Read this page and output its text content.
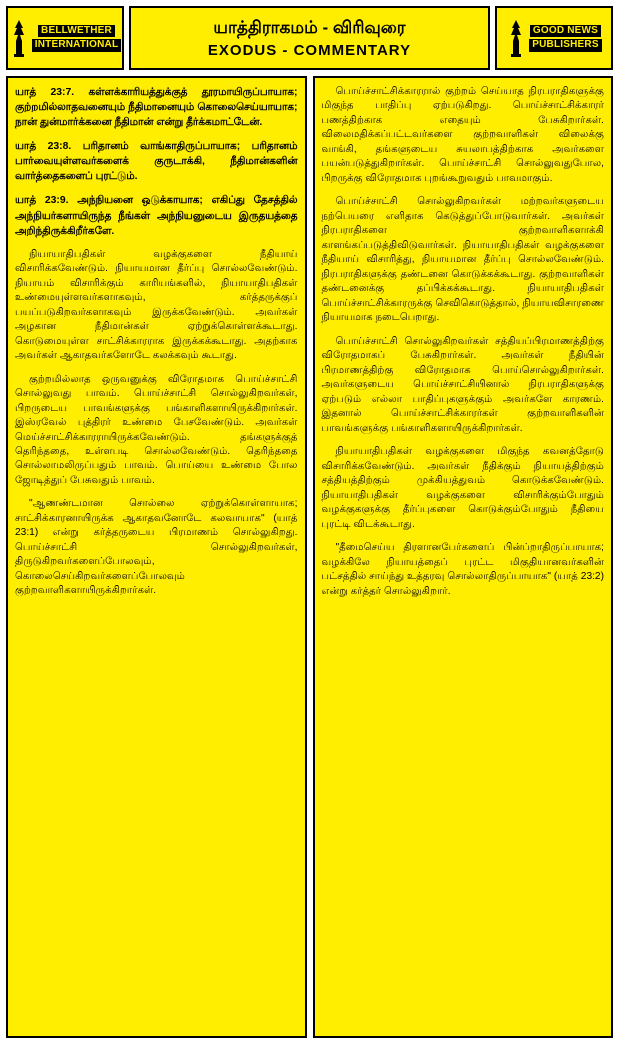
BELLWETHER
INTERNATIONAL
யாத்திராகமம் - விரிவுரை
EXODUS - COMMENTARY
GOOD NEWS
PUBLISHERS

யாத் 23:7. கள்ளக்காரியத்துக்குத் தூரமாயிருப்பாயாக; குற்றமில்லாதவனையும் நீதிமானையும் கொலைசெய்யாயாக; நான் துன்மார்க்கனை நீதிமான் என்று தீர்க்கமாட்டேன்.

யாத் 23:8. பரிதானம் வாங்காதிருப்பாயாக; பரிதானம் பார்வையுள்ளவர்களைக் குருடாக்கி, நீதிமான்களின் வார்த்தைகளைப் புரட்டும்.

யாத் 23:9. அந்நியனை ஒடுக்காயாக; எகிப்து தேசத்தில் அந்நியர்களாயிருந்த நீங்கள் அந்நியனுடைய இருதயத்தை அறிந்திருக்கிறீர்களே.

நியாயாதிபதிகள் வழக்குகளை நீதியாய் விசாரிக்கவேண்டும். நியாயமான தீர்ப்பு சொல்லவேண்டும். நியாயம் விசாரிக்கும் காரியங்களில், நியாயாதிபதிகள் உண்மையுள்ளவர்களாகவும், கர்த்தருக்குப் பயப்படுகிறவர்களாகவும் இருக்கவேண்டும். அவர்கள் அழகான நீதிமான்கள் ஏற்றுக்கொள்ளக்கூடாது. கொடுமையுள்ள சாட்சிக்காரராக இருக்கக்கூடாது. அதற்காக அவர்கள் ஆகாதவர்களோடே கலக்கவும் கூடாது.

குற்றமில்லாத ஒருவனுக்கு விரோதமாக பொய்ச்சாட்சி சொல்லுவது பாவம். பொய்ச்சாட்சி சொல்லுகிறவர்கள், பிறருடைய பாவங்களுக்கு பங்காளிகளாயிருக்கிறார்கள். இஸ்ரவேல் புத்திரர் உண்மை பேசவேண்டும். அவர்கள் மெய்ச்சாட்சிக்காரராயிருக்கவேண்டும். தங்களுக்குத் தெரிந்ததை, உள்ளபடி சொல்லவேண்டும். தெரிந்ததை சொல்லாமலிருப்பதும் பாவம். பொய்யை உண்மை போல ஜோடித்துப் பேசுவதும் பாவம்.

"ஆணண்டமான சொல்லை ஏற்றுக்கொள்ளாயாக; சாட்சிக்காரனாயிருக்க ஆகாதவனோடே கலவாயாக" (யாத் 23:1) என்று கர்த்தருடைய பிரமாணம் சொல்லுகிறது. பொய்ச்சாட்சி சொல்லுகிறவர்கள், திருடுகிறவர்களைப்போலவும், கொலைசெய்கிறவர்களைப்போலவும் குற்றவாளிகளாயிருக்கிறார்கள்.

பொய்ச்சாட்சிக்காரரால் குற்றம் செய்யாத நிரபராதிகளுக்கு மிகுந்த பாதிப்பு ஏற்படுகிறது. பொய்ச்சாட்சிக்காரர் பணத்திற்காக எதையும் பேசுகிறார்கள். விலைமதிக்கப்பட்டவர்களை குற்றவாளிகள் விலைக்கு வாங்கி, தங்களுடைய சுயலாபத்திற்காக அவர்களை பயன்படுத்துகிறார்கள். பொய்ச்சாட்சி சொல்லுவதுபோல, பிறருக்கு விரோதமாக புறங்கூறுவதும் பாவமாகும்.

பொய்ச்சாட்சி சொல்லுகிறவர்கள் மற்றவர்களுடைய நற்பெயரை எளிதாக கெடுத்துப்போடுவார்கள். அவர்கள் நிரபராதிகளை குற்றவாளிகளாக்கி காளங்கப்படுத்திவிடுவார்கள். நியாயாதிபதிகள் வழக்குகளை நீதியாய் விசாரித்து, நியாயமான தீர்ப்பு சொல்லவேண்டும். நிரபராதிகளுக்கு தண்டனை கொடுக்கக்கூடாது. குற்றவாளிகள் தண்டனைக்கு தப்பிக்கக்கூடாது. நியாயாதிபதிகள் பொய்ச்சாட்சிக்காரருக்கு செவிகொடுத்தால், நியாயவிசாரணை நியாயமாக நடைபெறாது.

பொய்ச்சாட்சி சொல்லுகிறவர்கள் சத்தியப்பிரமாணத்திற்கு விரோதமாகப் பேசுகிறார்கள். அவர்கள் நீதியின் பிரமாணத்திற்கு விரோதமாக பொய்சொல்லுகிறார்கள். அவர்களுடைய பொய்ச்சாட்சியினால் நிரபராதிகளுக்கு ஏற்படும் எல்லா பாதிப்புகளுக்கும் அவர்களே காரணம். இதனால் பொய்ச்சாட்சிக்காரர்கள் குற்றவாளிகளின் பாவங்களுக்கு பங்காளிகளாயிருக்கிறார்கள்.

நியாயாதிபதிகள் வழக்குகளை மிகுந்த கவனத்தோடு விசாரிக்கவேண்டும். அவர்கள் நீதிக்கும் நியாயத்திற்கும் சத்தியத்திற்கும் முக்கியத்துவம் கொடுக்கவேண்டும். நியாயாதிபதிகள் வழக்குகளை விசாரிக்கும்போதும் வழக்குகளுக்கு தீர்ப்புகளை கொடுக்கும்போதும் நீதியை புரட்டி விடக்கூடாது.

"தீமைசெய்ய திரளானபேர்களைப் பின்ப்றாதிருப்பாயாக; வழக்கிலே நியாயத்தைப் புரட்ட மிகுதியானவர்களின் பட்சத்தில் சாய்ந்து உத்தரவு சொல்லாதிருப்பாயாக" (யாத் 23:2) என்று கர்த்தர் சொல்லுகிறார்.
